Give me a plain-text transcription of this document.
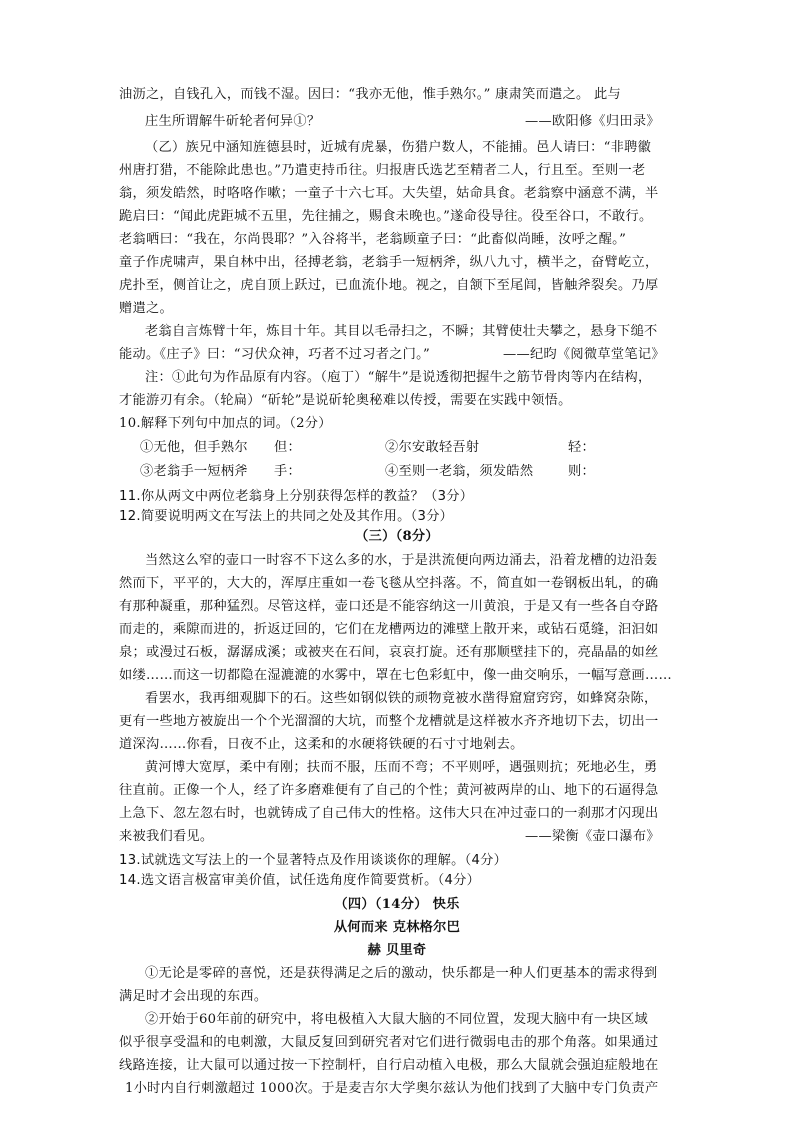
油沥之，自钱孔入，而钱不湿。因曰：“我亦无他，惟手熟尔。” 康肃笑而遣之。 此与
庄生所谓解牛斫轮者何异①？	——欧阳修《归田录》
（乙）族兄中涵知旌德县时，近城有虎暴，伤猎户数人，不能捕。邑人请曰：“非聘徽
州唐打猎，不能除此患也。”乃遣吏持币往。归报唐氏选艺至精者二人，行且至。至则一老
翁，须发皓然，时咯咯作嗽；一童子十六七耳。大失望，姑命具食。老翁察中涵意不满，半
跪启曰：“闻此虎距城不五里，先往捕之，赐食未晚也。”遂命役导往。役至谷口，不敢行。
老翁哂曰：“我在，尔尚畏耶？”入谷将半，老翁顾童子曰：“此畜似尚睡，汝呼之醒。”
童子作虎啸声，果自林中出，径搏老翁，老翁手一短柄斧，纵八九寸，横半之，奋臂屹立，
虎扑至，侧首让之，虎自顶上跃过，已血流仆地。视之，自颔下至尾闾，皆触斧裂矣。乃厚
赠遣之。
老翁自言炼臂十年，炼目十年。其目以毛帚扫之，不瞬；其臂使壮夫攀之，悬身下缒不
能动。《庄子》曰：“习伏众神，巧者不过习者之门。”	——纪昀《阅微草堂笔记》
注：①此句为作品原有内容。（庖丁）“解牛”是说透彻把握牛之筋节骨肉等内在结构，
才能游刃有余。（轮扁）“斫轮”是说斫轮奥秘难以传授，需要在实践中领悟。
10.解释下列句中加点的词。（2分）
①无他，但手熟尔 但：	②尔安敢轻吾射	轻：
③老翁手一短柄斧 手：	④至则一老翁，须发皓然	则：
11.你从两文中两位老翁身上分别获得怎样的教益？（3分）
12.简要说明两文在写法上的共同之处及其作用。（3分）
（三）（8分）
当然这么窄的壶口一时容不下这么多的水，于是洪流便向两边涌去，沿着龙槽的边沿轰
然而下，平平的，大大的，浑厚庄重如一卷飞毯从空抖落。不，简直如一卷钢板出轧，的确
有那种凝重，那种猛烈。尽管这样，壶口还是不能容纳这一川黄浪，于是又有一些各自夺路
而走的，乘隙而进的，折返迂回的，它们在龙槽两边的滩壁上散开来，或钻石觅缝，汩汩如
泉；或漫过石板，潺潺成溪；或被夹在石间，哀哀打旋。还有那顺壁挂下的，亮晶晶的如丝
如缕……而这一切都隐在湿漉漉的水雾中，罩在七色彩虹中，像一曲交响乐，一幅写意画……
看罢水，我再细观脚下的石。这些如钢似铁的顽物竟被水凿得窟窟窍窍，如蜂窝杂陈，
更有一些地方被旋出一个个光溜溜的大坑，而整个龙槽就是这样被水齐齐地切下去，切出一
道深沟……你看，日夜不止，这柔和的水硬将铁硬的石寸寸地剁去。
黄河博大宽厚，柔中有刚；扶而不服，压而不弯；不平则呼，遇强则抗；死地必生，勇
往直前。正像一个人，经了许多磨难便有了自己的个性；黄河被两岸的山、地下的石逼得急
上急下、忽左忽右时，也就铸成了自己伟大的性格。这伟大只在冲过壶口的一刹那才闪现出
来被我们看见。	——梁衡《壶口瀑布》
13.试就选文写法上的一个显著特点及作用谈谈你的理解。（4分）
14.选文语言极富审美价值，试任选角度作简要赏析。（4分）
（四）（14分） 快乐
从何而来 克林格尔巴
赫 贝里奇
①无论是零碎的喜悦，还是获得满足之后的激动，快乐都是一种人们更基本的需求得到
满足时才会出现的东西。
②开始于60年前的研究中，将电极植入大鼠大脑的不同位置，发现大脑中有一块区域
似乎很享受温和的电刺激，大鼠反复回到研究者对它们进行微弱电击的那个角落。如果通过
线路连接，让大鼠可以通过按一下控制杆，自行启动植入电极，那么大鼠就会强迫症般地在
1小时内自行刺激超过 1000次。于是麦吉尔大学奥尔兹认为他们找到了大脑中专门负责产
